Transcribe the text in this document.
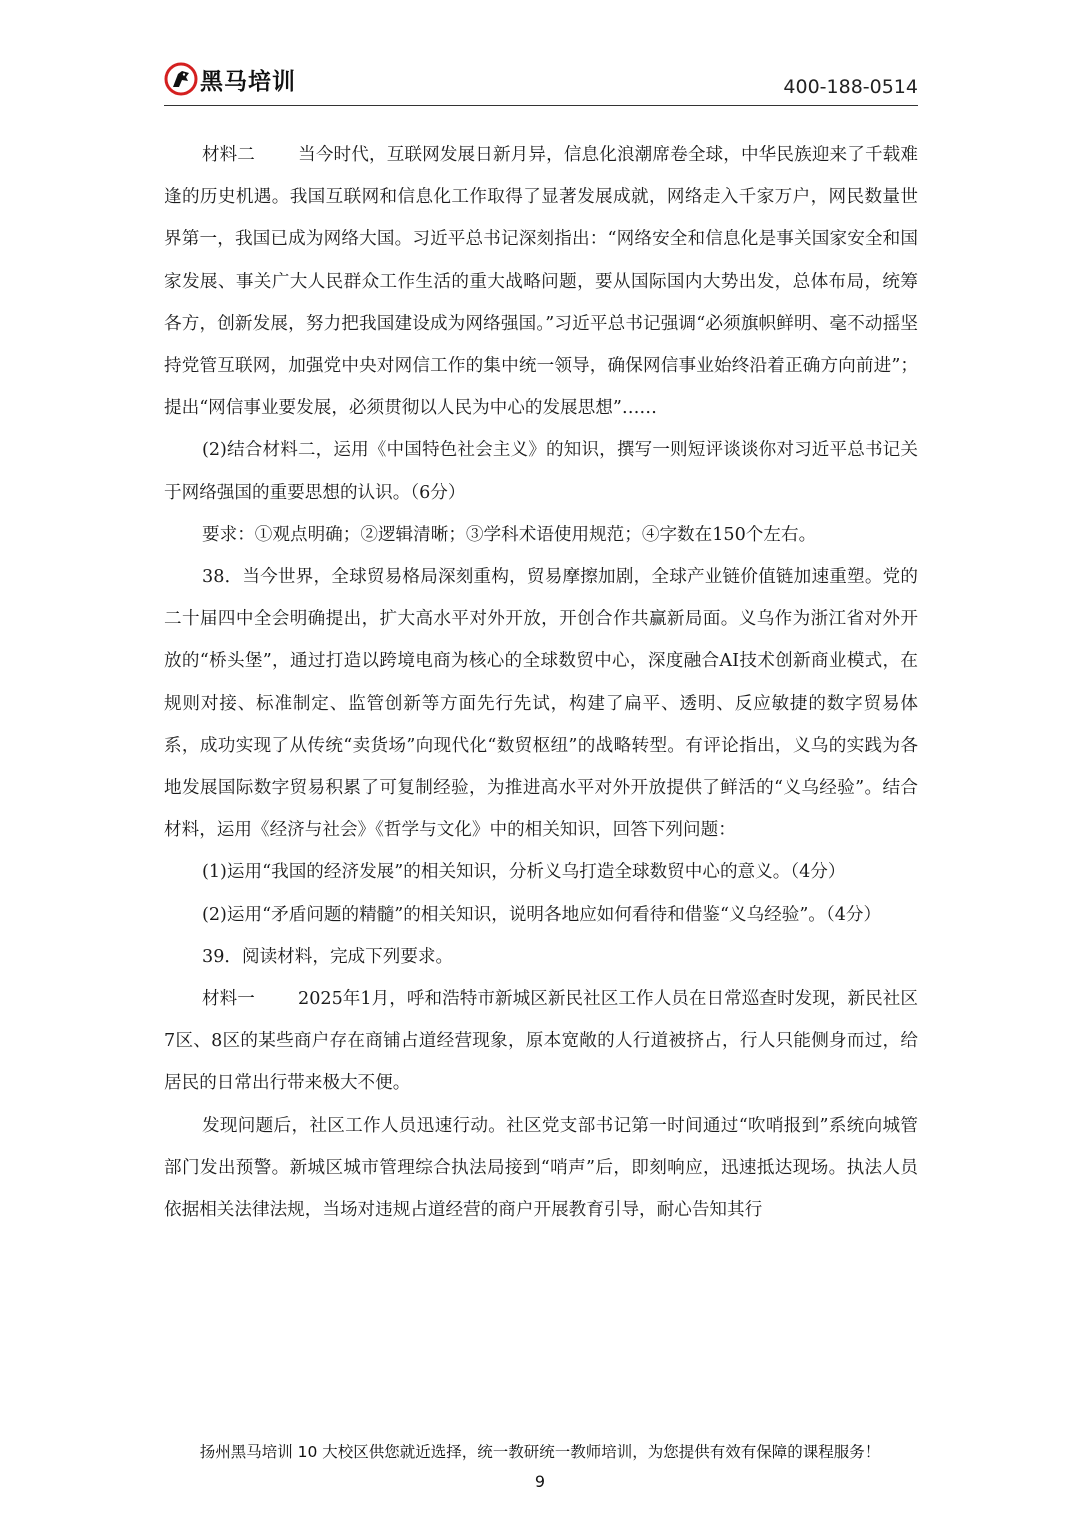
黑马培训	400-188-0514

材料二 当今时代，互联网发展日新月异，信息化浪潮席卷全球，中华民族迎来了千载难逢的历史机遇。我国互联网和信息化工作取得了显著发展成就，网络走入千家万户，网民数量世界第一，我国已成为网络大国。习近平总书记深刻指出：“网络安全和信息化是事关国家安全和国家发展、事关广大人民群众工作生活的重大战略问题，要从国际国内大势出发，总体布局，统筹各方，创新发展，努力把我国建设成为网络强国。”习近平总书记强调“必须旗帜鲜明、毫不动摇坚持党管互联网，加强党中央对网信工作的集中统一领导，确保网信事业始终沿着正确方向前进”；提出“网信事业要发展，必须贯彻以人民为中心的发展思想”……

(2)结合材料二，运用《中国特色社会主义》的知识，撰写一则短评谈谈你对习近平总书记关于网络强国的重要思想的认识。（6分）

要求：①观点明确；②逻辑清晰；③学科术语使用规范；④字数在150个左右。

38．当今世界，全球贸易格局深刻重构，贸易摩擦加剧，全球产业链价值链加速重塑。党的二十届四中全会明确提出，扩大高水平对外开放，开创合作共赢新局面。义乌作为浙江省对外开放的“桥头堡”，通过打造以跨境电商为核心的全球数贸中心，深度融合AI技术创新商业模式，在规则对接、标准制定、监管创新等方面先行先试，构建了扁平、透明、反应敏捷的数字贸易体系，成功实现了从传统“卖货场”向现代化“数贸枢纽”的战略转型。有评论指出，义乌的实践为各地发展国际数字贸易积累了可复制经验，为推进高水平对外开放提供了鲜活的“义乌经验”。结合材料，运用《经济与社会》《哲学与文化》中的相关知识，回答下列问题：

(1)运用“我国的经济发展”的相关知识，分析义乌打造全球数贸中心的意义。（4分）

(2)运用“矛盾问题的精髓”的相关知识，说明各地应如何看待和借鉴“义乌经验”。（4分）

39．阅读材料，完成下列要求。

材料一 2025年1月，呼和浩特市新城区新民社区工作人员在日常巡查时发现，新民社区7区、8区的某些商户存在商铺占道经营现象，原本宽敞的人行道被挤占，行人只能侧身而过，给居民的日常出行带来极大不便。

发现问题后，社区工作人员迅速行动。社区党支部书记第一时间通过“吹哨报到”系统向城管部门发出预警。新城区城市管理综合执法局接到“哨声”后，即刻响应，迅速抵达现场。执法人员依据相关法律法规，当场对违规占道经营的商户开展教育引导，耐心告知其行

扬州黑马培训 10 大校区供您就近选择，统一教研统一教师培训，为您提供有效有保障的课程服务！
9
